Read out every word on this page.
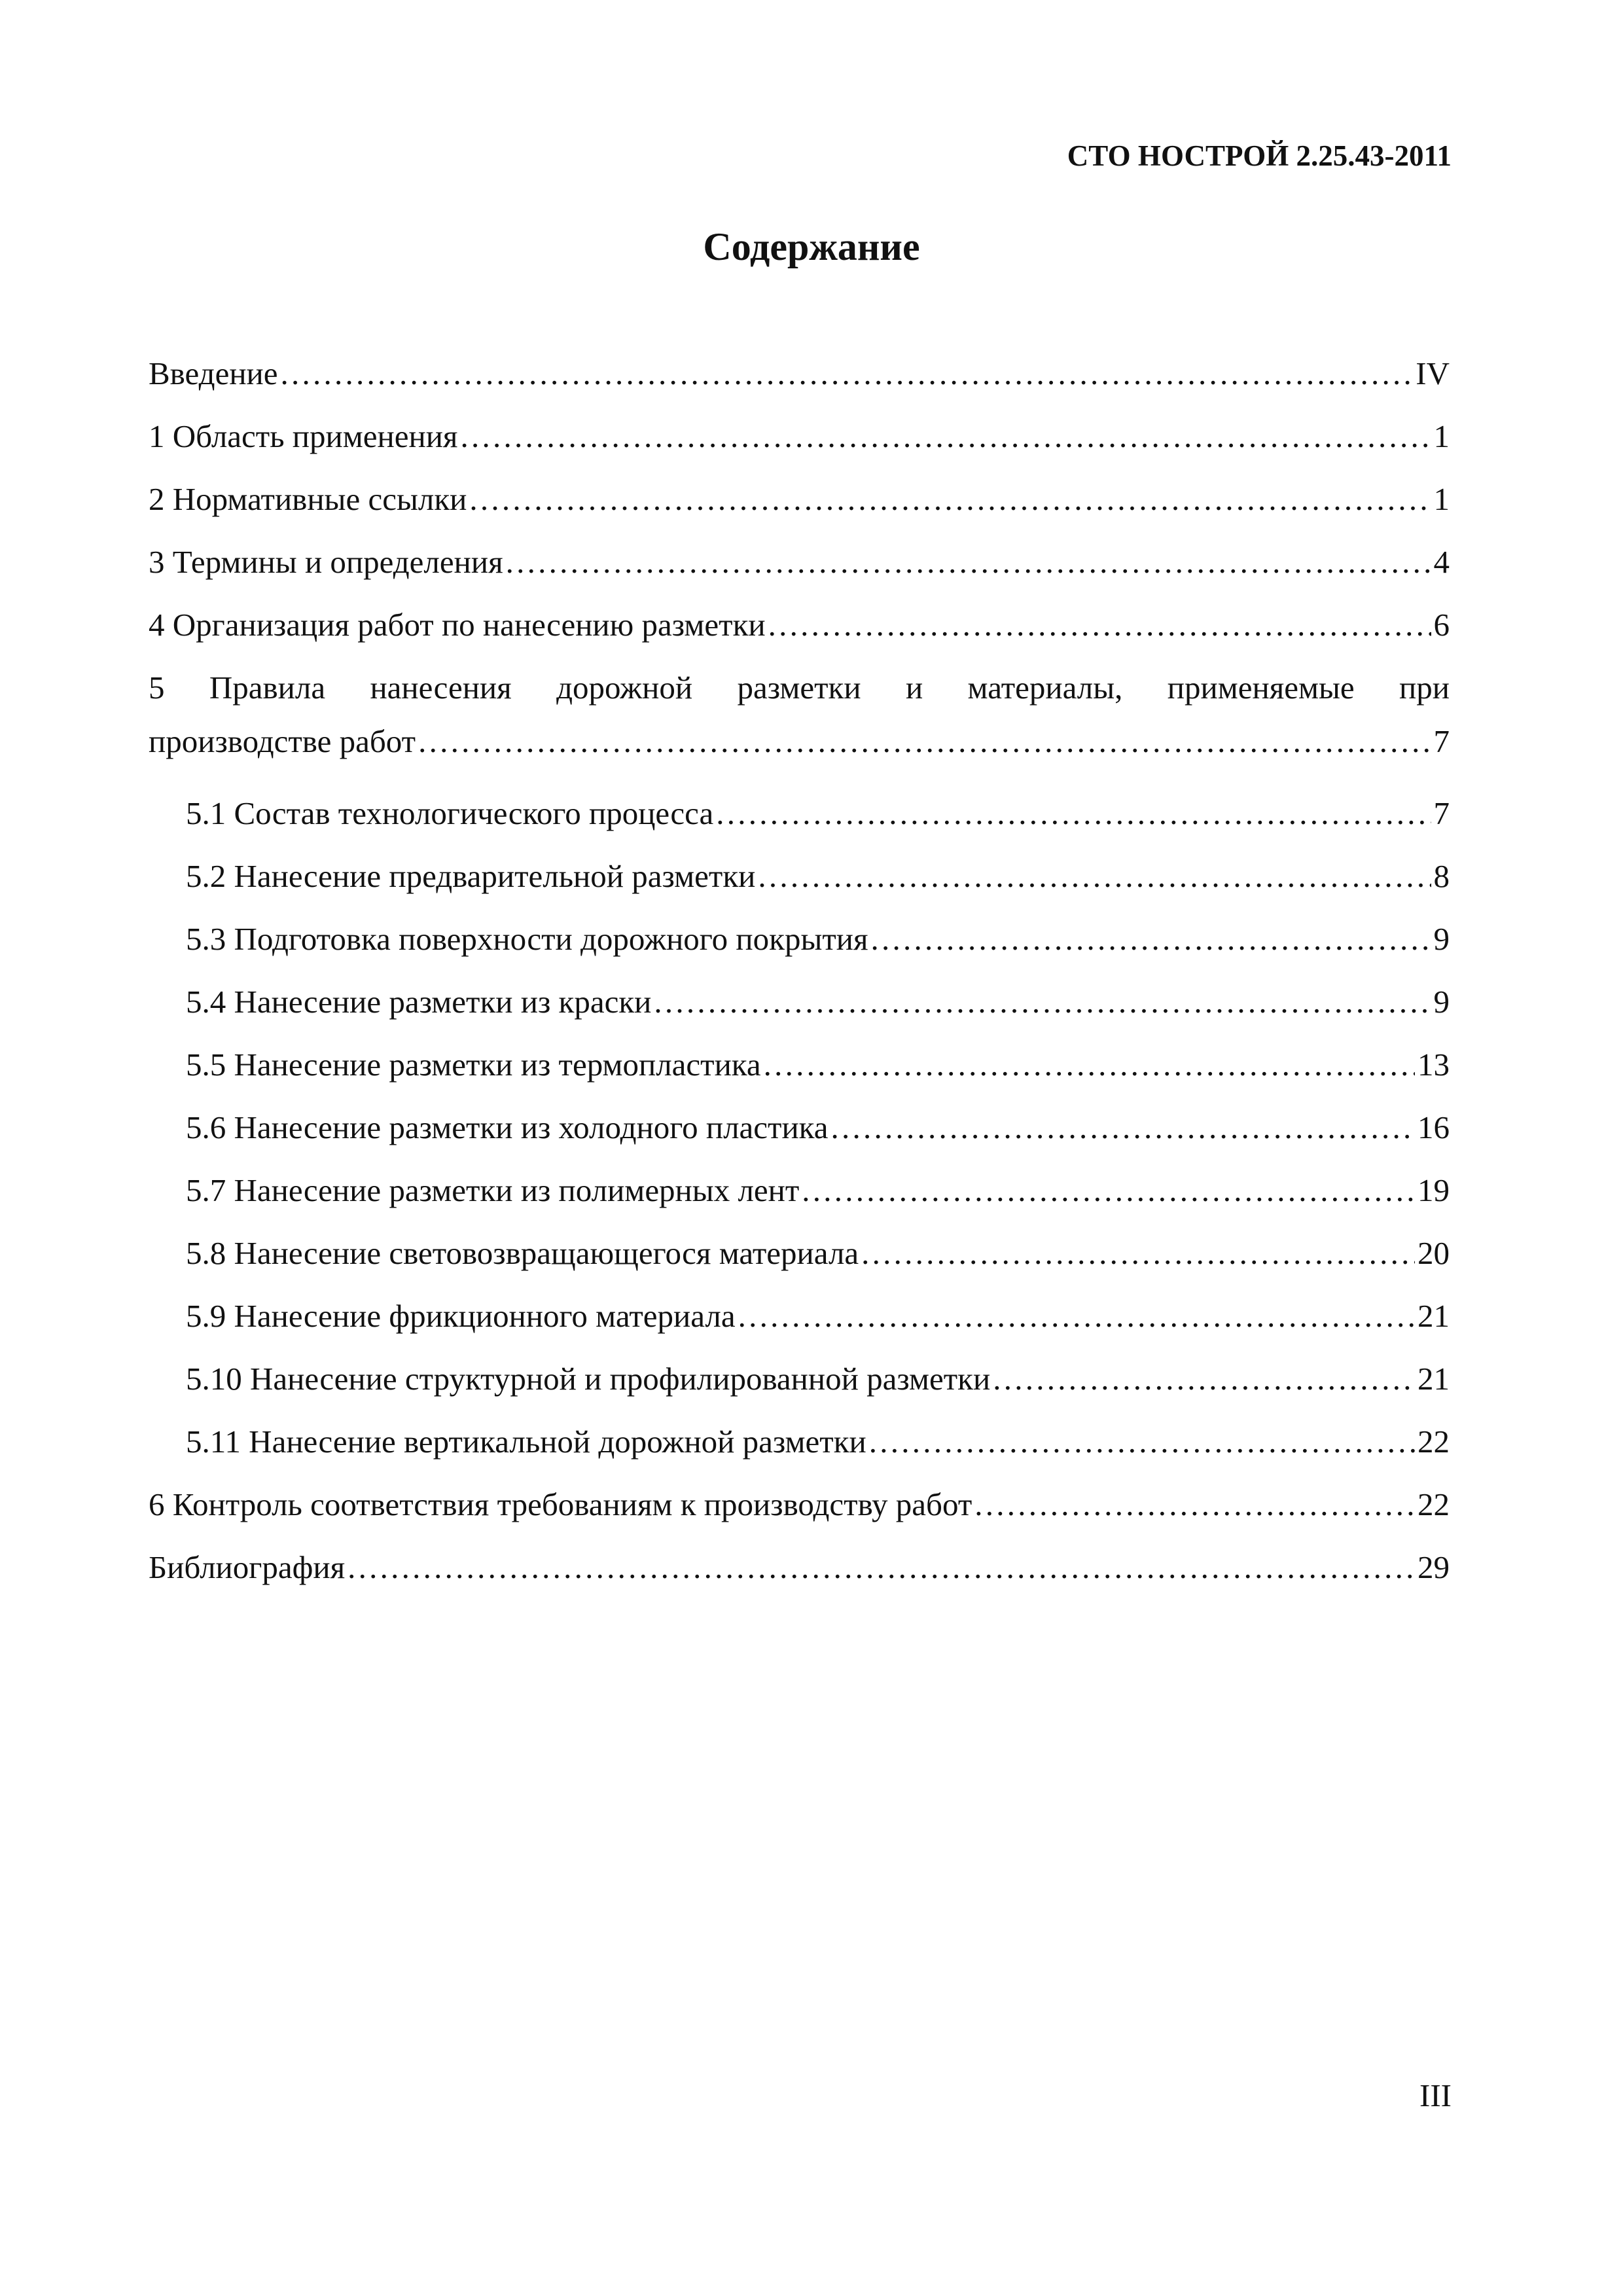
СТО НОСТРОЙ 2.25.43-2011
Содержание
Введение . . .	IV
1 Область применения . . .	1
2 Нормативные ссылки . . .	1
3 Термины и определения . . .	4
4 Организация работ по нанесению разметки . . .	6
5 Правила нанесения дорожной разметки и материалы, применяемые при
производстве работ . . .	7
5.1 Состав технологического процесса . . .	7
5.2 Нанесение предварительной разметки . . .	8
5.3 Подготовка поверхности дорожного покрытия . . .	9
5.4 Нанесение разметки из краски . . .	9
5.5 Нанесение разметки из термопластика . . .	13
5.6 Нанесение разметки из холодного пластика . . .	16
5.7 Нанесение разметки из полимерных лент . . .	19
5.8 Нанесение световозвращающегося материала . . .	20
5.9 Нанесение фрикционного материала . . .	21
5.10 Нанесение структурной и профилированной разметки . . .	21
5.11 Нанесение вертикальной дорожной разметки . . .	22
6 Контроль соответствия требованиям к производству работ . . .	22
Библиография . . .	29
III
